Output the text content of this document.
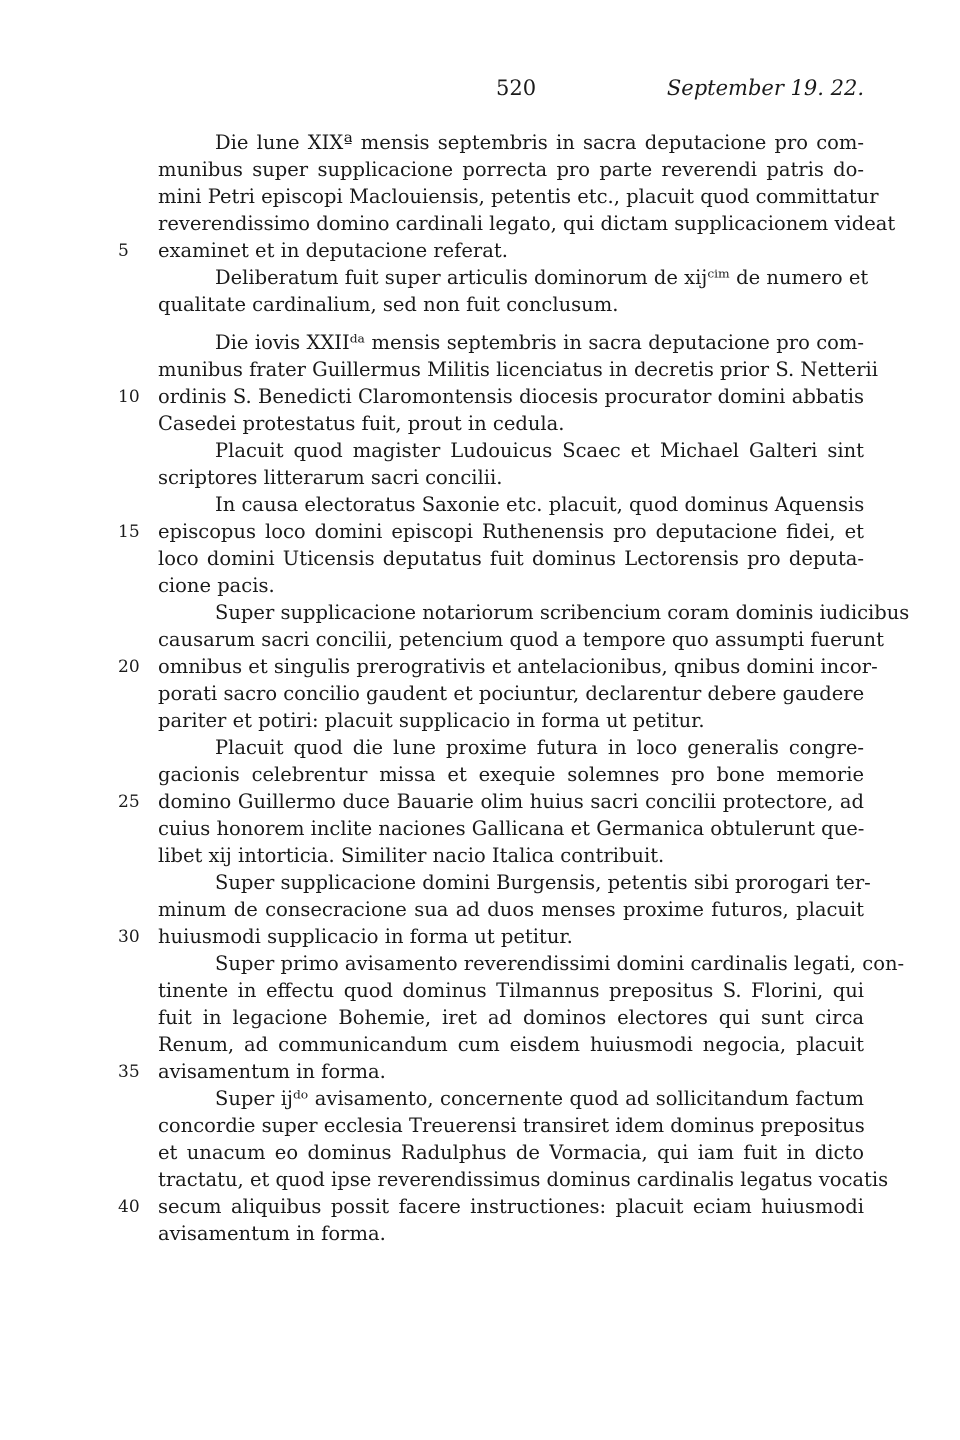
520	September 19. 22.
5
10
15
20
25
30
35
40
Die lune XIXª mensis septembris in sacra deputacione pro com-
munibus super supplicacione porrecta pro parte reverendi patris do-
mini Petri episcopi Maclouiensis, petentis etc., placuit quod committatur
reverendissimo domino cardinali legato, qui dictam supplicacionem videat
examinet et in deputacione referat.
Deliberatum fuit super articulis dominorum de xijᶜⁱᵐ de numero et
qualitate cardinalium, sed non fuit conclusum.
Die iovis XXIIᵈᵃ mensis septembris in sacra deputacione pro com-
munibus frater Guillermus Militis licenciatus in decretis prior S. Netterii
ordinis S. Benedicti Claromontensis diocesis procurator domini abbatis
Casedei protestatus fuit, prout in cedula.
Placuit quod magister Ludouicus Scaec et Michael Galteri sint
scriptores litterarum sacri concilii.
In causa electoratus Saxonie etc. placuit, quod dominus Aquensis
episcopus loco domini episcopi Ruthenensis pro deputacione fidei, et
loco domini Uticensis deputatus fuit dominus Lectorensis pro deputa-
cione pacis.
Super supplicacione notariorum scribencium coram dominis iudicibus
causarum sacri concilii, petencium quod a tempore quo assumpti fuerunt
omnibus et singulis prerogrativis et antelacionibus, qnibus domini incor-
porati sacro concilio gaudent et pociuntur, declarentur debere gaudere
pariter et potiri: placuit supplicacio in forma ut petitur.
Placuit quod die lune proxime futura in loco generalis congre-
gacionis celebrentur missa et exequie solemnes pro bone memorie
domino Guillermo duce Bauarie olim huius sacri concilii protectore, ad
cuius honorem inclite naciones Gallicana et Germanica obtulerunt que-
libet xij intorticia. Similiter nacio Italica contribuit.
Super supplicacione domini Burgensis, petentis sibi prorogari ter-
minum de consecracione sua ad duos menses proxime futuros, placuit
huiusmodi supplicacio in forma ut petitur.
Super primo avisamento reverendissimi domini cardinalis legati, con-
tinente in effectu quod dominus Tilmannus prepositus S. Florini, qui
fuit in legacione Bohemie, iret ad dominos electores qui sunt circa
Renum, ad communicandum cum eisdem huiusmodi negocia, placuit
avisamentum in forma.
Super ijᵈᵒ avisamento, concernente quod ad sollicitandum factum
concordie super ecclesia Treuerensi transiret idem dominus prepositus
et unacum eo dominus Radulphus de Vormacia, qui iam fuit in dicto
tractatu, et quod ipse reverendissimus dominus cardinalis legatus vocatis
secum aliquibus possit facere instructiones: placuit eciam huiusmodi
avisamentum in forma.
